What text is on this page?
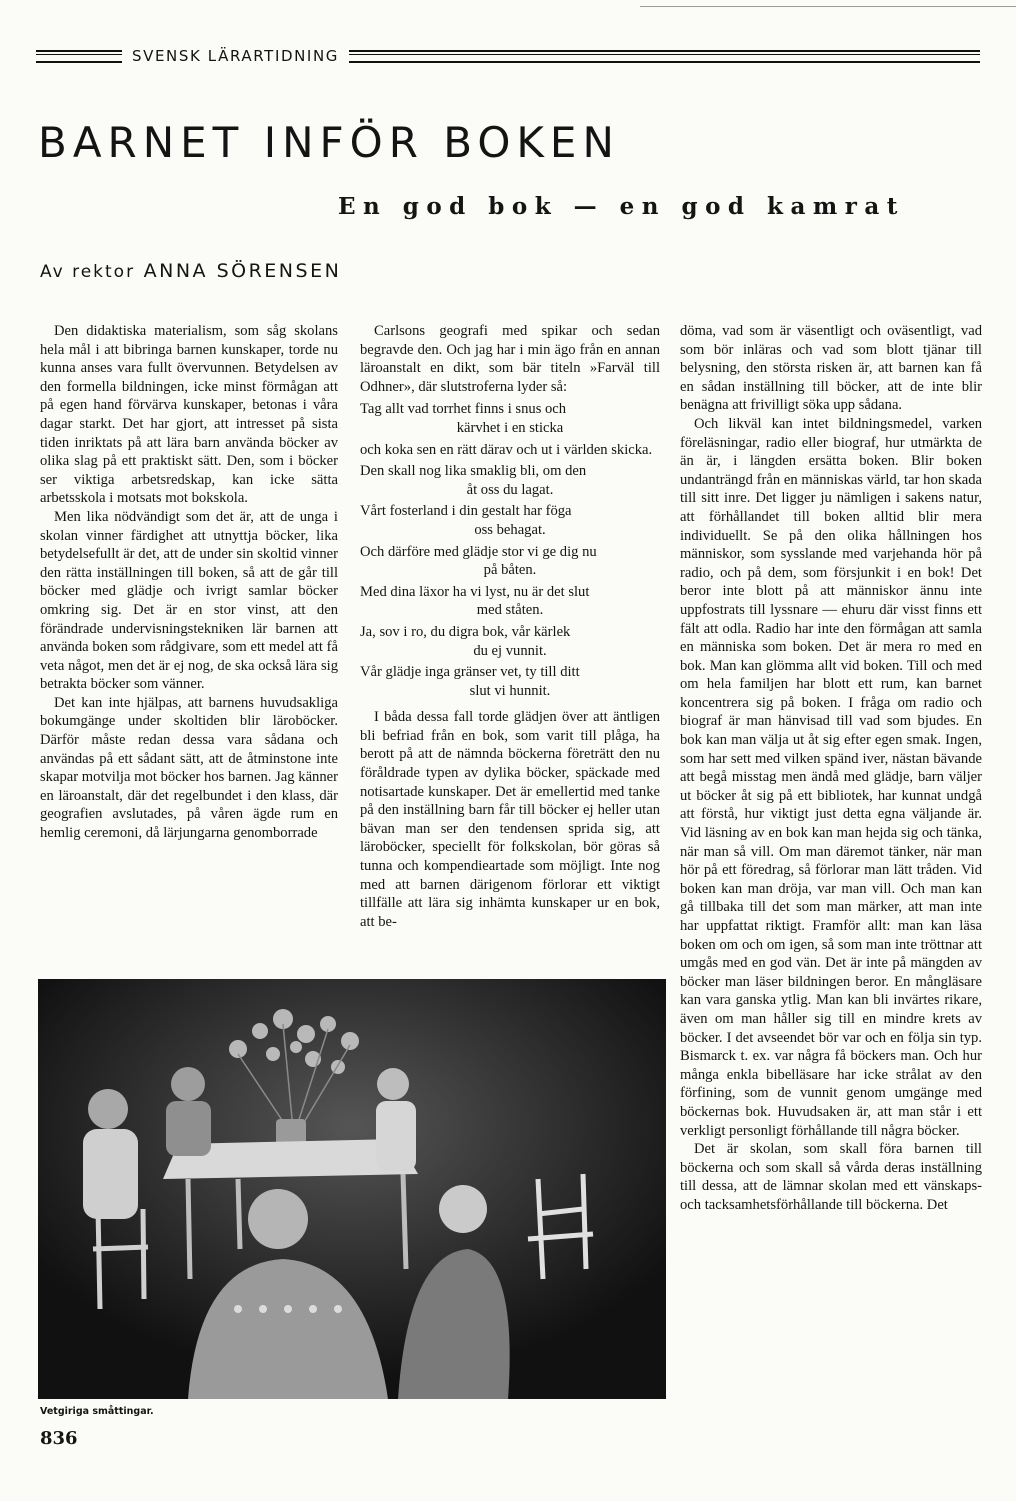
SVENSK LÄRARTIDNING
BARNET INFÖR BOKEN
En god bok — en god kamrat
Av rektor ANNA SÖRENSEN

Den didaktiska materialism, som såg skolans hela mål i att bibringa barnen kunskaper, torde nu kunna anses vara fullt övervunnen. Betydelsen av den formella bildningen, icke minst förmågan att på egen hand förvärva kunskaper, betonas i våra dagar starkt. Det har gjort, att intresset på sista tiden inriktats på att lära barn använda böcker av olika slag på ett praktiskt sätt. Den, som i böcker ser viktiga arbetsredskap, kan icke sätta arbetsskola i motsats mot bokskola.

Men lika nödvändigt som det är, att de unga i skolan vinner färdighet att utnyttja böcker, lika betydelsefullt är det, att de under sin skoltid vinner den rätta inställningen till boken, så att de går till böcker med glädje och ivrigt samlar böcker omkring sig. Det är en stor vinst, att den förändrade undervisningstekniken lär barnen att använda boken som rådgivare, som ett medel att få veta något, men det är ej nog, de ska också lära sig betrakta böcker som vänner.

Det kan inte hjälpas, att barnens huvudsakliga bokumgänge under skoltiden blir läroböcker. Därför måste redan dessa vara sådana och användas på ett sådant sätt, att de åtminstone inte skapar motvilja mot böcker hos barnen. Jag känner en läroanstalt, där det regelbundet i den klass, där geografien avslutades, på våren ägde rum en hemlig ceremoni, då lärjungarna genomborrade

Carlsons geografi med spikar och sedan begravde den. Och jag har i min ägo från en annan läroanstalt en dikt, som bär titeln »Farväl till Odhner», där slutstroferna lyder så:

Tag allt vad torrhet finns i snus och
kärvhet i en sticka
och koka sen en rätt därav och ut i världen skicka.
Den skall nog lika smaklig bli, om den
åt oss du lagat.
Vårt fosterland i din gestalt har föga
oss behagat.
Och därföre med glädje stor vi ge dig nu
på båten.
Med dina läxor ha vi lyst, nu är det slut
med ståten.
Ja, sov i ro, du digra bok, vår kärlek
du ej vunnit.
Vår glädje inga gränser vet, ty till ditt
slut vi hunnit.

I båda dessa fall torde glädjen över att äntligen bli befriad från en bok, som varit till plåga, ha berott på att de nämnda böckerna företrätt den nu föråldrade typen av dylika böcker, späckade med notisartade kunskaper. Det är emellertid med tanke på den inställning barn får till böcker ej heller utan bävan man ser den tendensen sprida sig, att läroböcker, speciellt för folkskolan, bör göras så tunna och kompendieartade som möjligt. Inte nog med att barnen därigenom förlorar ett viktigt tillfälle att lära sig inhämta kunskaper ur en bok, att be-

döma, vad som är väsentligt och oväsentligt, vad som bör inläras och vad som blott tjänar till belysning, den största risken är, att barnen kan få en sådan inställning till böcker, att de inte blir benägna att frivilligt söka upp sådana.

Och likväl kan intet bildningsmedel, varken föreläsningar, radio eller biograf, hur utmärkta de än är, i längden ersätta boken. Blir boken undanträngd från en människas värld, tar hon skada till sitt inre. Det ligger ju nämligen i sakens natur, att förhållandet till boken alltid blir mera individuellt. Se på den olika hållningen hos människor, som sysslande med varjehanda hör på radio, och på dem, som försjunkit i en bok! Det beror inte blott på att människor ännu inte uppfostrats till lyssnare — ehuru där visst finns ett fält att odla. Radio har inte den förmågan att samla en människa som boken. Det är mera ro med en bok. Man kan glömma allt vid boken. Till och med om hela familjen har blott ett rum, kan barnet koncentrera sig på boken. I fråga om radio och biograf är man hänvisad till vad som bjudes. En bok kan man välja ut åt sig efter egen smak. Ingen, som har sett med vilken spänd iver, nästan bävande att begå misstag men ändå med glädje, barn väljer ut böcker åt sig på ett bibliotek, har kunnat undgå att förstå, hur viktigt just detta egna väljande är. Vid läsning av en bok kan man hejda sig och tänka, när man så vill. Om man däremot tänker, när man hör på ett föredrag, så förlorar man lätt tråden. Vid boken kan man dröja, var man vill. Och man kan gå tillbaka till det som man märker, att man inte har uppfattat riktigt. Framför allt: man kan läsa boken om och om igen, så som man inte tröttnar att umgås med en god vän. Det är inte på mängden av böcker man läser bildningen beror. En mångläsare kan vara ganska ytlig. Man kan bli invärtes rikare, även om man håller sig till en mindre krets av böcker. I det avseendet bör var och en följa sin typ. Bismarck t. ex. var några få böckers man. Och hur många enkla bibelläsare har icke strålat av den förfining, som de vunnit genom umgänge med böckernas bok. Huvudsaken är, att man står i ett verkligt personligt förhållande till några böcker.

Det är skolan, som skall föra barnen till böckerna och som skall så vårda deras inställning till dessa, att de lämnar skolan med ett vänskaps- och tacksamhetsförhållande till böckerna. Det

Vetgiriga småttingar.
836
